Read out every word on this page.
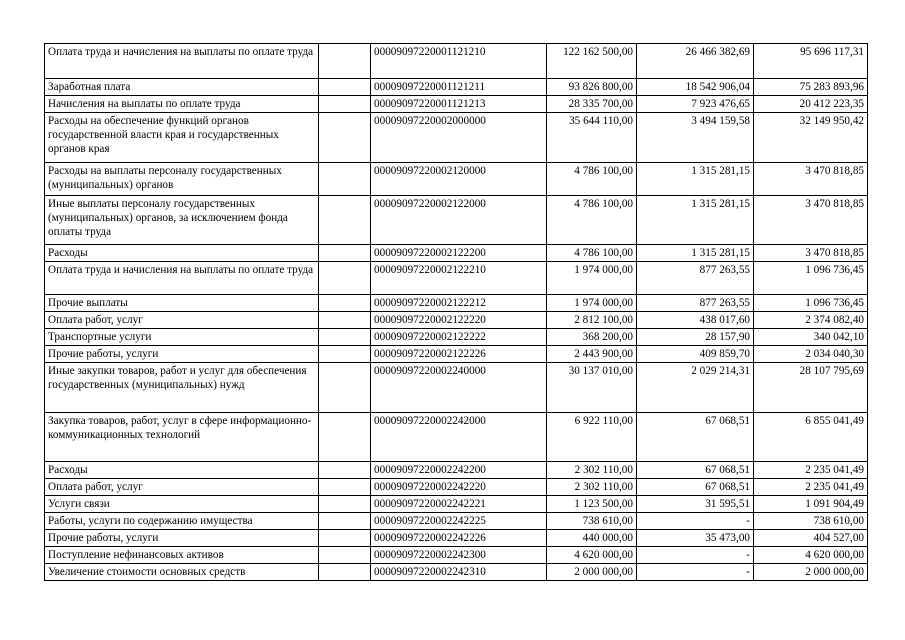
Оплата труда и начисления на выплаты по оплате труда		00009097220001121210	122 162 500,00	26 466 382,69	95 696 117,31
Заработная плата		00009097220001121211	93 826 800,00	18 542 906,04	75 283 893,96
Начисления на выплаты по оплате труда		00009097220001121213	28 335 700,00	7 923 476,65	20 412 223,35
Расходы на обеспечение функций органов государственной власти края и государственных органов края		00009097220002000000	35 644 110,00	3 494 159,58	32 149 950,42
Расходы на выплаты персоналу государственных (муниципальных) органов		00009097220002120000	4 786 100,00	1 315 281,15	3 470 818,85
Иные выплаты персоналу государственных (муниципальных) органов, за исключением фонда оплаты труда		00009097220002122000	4 786 100,00	1 315 281,15	3 470 818,85
Расходы		00009097220002122200	4 786 100,00	1 315 281,15	3 470 818,85
Оплата труда и начисления на выплаты по оплате труда		00009097220002122210	1 974 000,00	877 263,55	1 096 736,45
Прочие выплаты		00009097220002122212	1 974 000,00	877 263,55	1 096 736,45
Оплата работ, услуг		00009097220002122220	2 812 100,00	438 017,60	2 374 082,40
Транспортные услуги		00009097220002122222	368 200,00	28 157,90	340 042,10
Прочие работы, услуги		00009097220002122226	2 443 900,00	409 859,70	2 034 040,30
Иные закупки товаров, работ и услуг для обеспечения государственных (муниципальных) нужд		00009097220002240000	30 137 010,00	2 029 214,31	28 107 795,69
Закупка товаров, работ, услуг в сфере информационно-коммуникационных технологий		00009097220002242000	6 922 110,00	67 068,51	6 855 041,49
Расходы		00009097220002242200	2 302 110,00	67 068,51	2 235 041,49
Оплата работ, услуг		00009097220002242220	2 302 110,00	67 068,51	2 235 041,49
Услуги связи		00009097220002242221	1 123 500,00	31 595,51	1 091 904,49
Работы, услуги по содержанию имущества		00009097220002242225	738 610,00	-	738 610,00
Прочие работы, услуги		00009097220002242226	440 000,00	35 473,00	404 527,00
Поступление нефинансовых активов		00009097220002242300	4 620 000,00	-	4 620 000,00
Увеличение стоимости основных средств		00009097220002242310	2 000 000,00	-	2 000 000,00
